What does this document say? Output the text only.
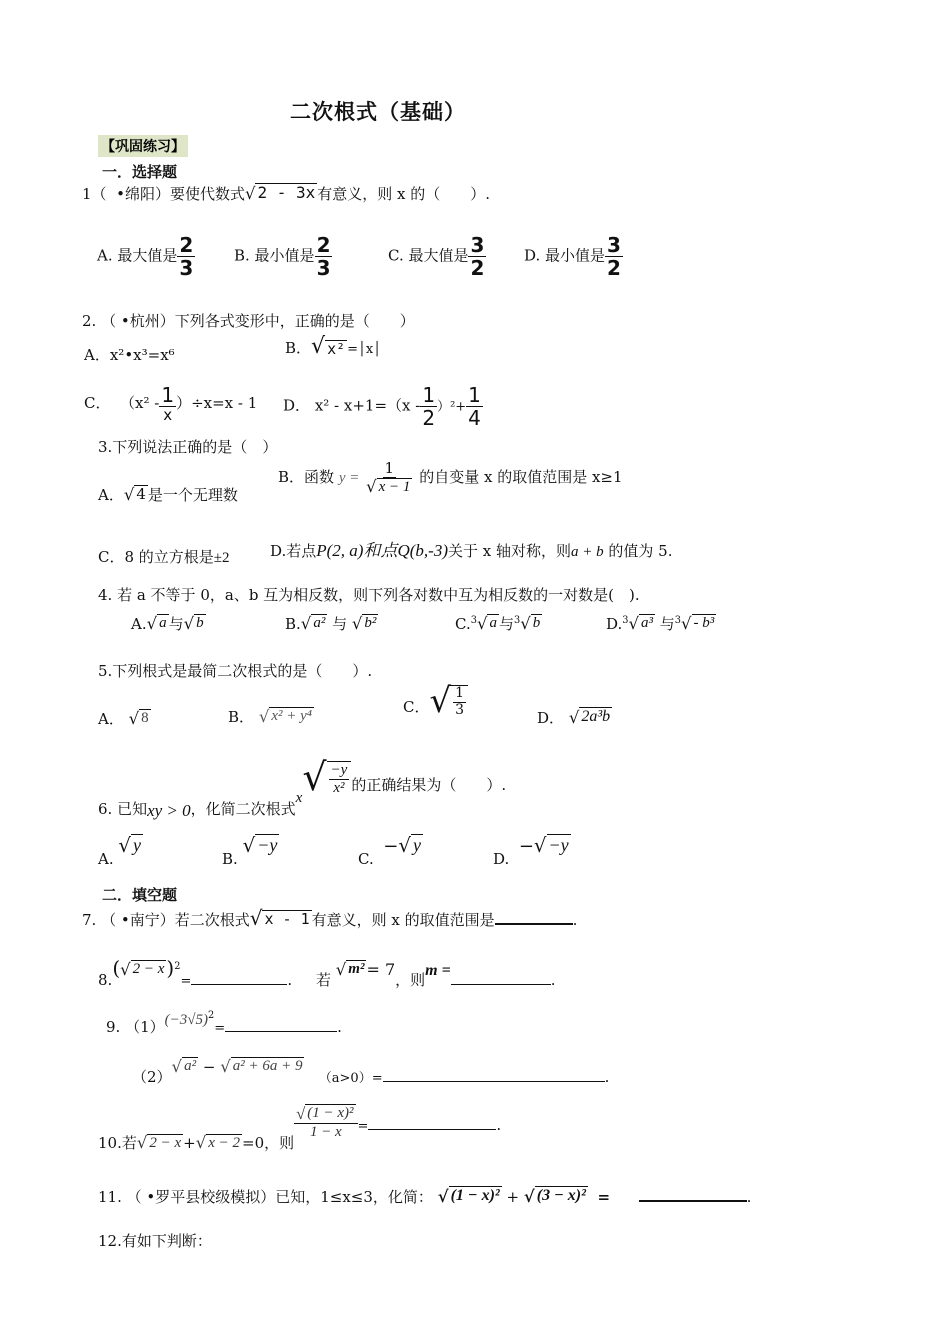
二次根式（基础）
【巩固练习】
一．选择题
1（ •绵阳）要使代数式 √ 2 - 3x 有意义，则 x 的（　　）.
A. 最大值是 $\frac{2}{3}$	B. 最小值是 $\frac{2}{3}$	C. 最大值是 $\frac{3}{2}$	D. 最小值是 $\frac{3}{2}$
2. （ •杭州）下列各式变形中，正确的是（　　）
A．x²•x³=x⁶	B． √ x² =│x│
C． $(x^2 - \frac{1}{x} )\div x=x - 1$ D． $x^2 - x+1=(x - \frac{1}{2} )^2+ \frac{1}{4}$
3.下列说法正确的是（　）
A． √ 4 是一个无理数
B．函数 $y = \frac{1}{√ x - 1}$ 的自变量 x 的取值范围是 x≥1
C．8 的立方根是±2	D.若点P(2, a)和点Q(b,-3)关于 x 轴对称，则a + b 的值为 5.
4. 若 a 不等于 0，a、b 互为相反数，则下列各对数中互为相反数的一对数是(　).
A. √ a 与 √ b	B. √ a² 与 √ b²	C.$^3$ √ a 与$^3$ √ b	D.$^3$ √ a³ 与$^3$ √ - b³
5.下列根式是最简二次根式的是（　　）.
A． √ 8	B． √ x² + y⁴
C． √ $\frac{1}{3}$	D． √ 2a³b
6. 已知xy > 0，化简二次根式x √ $\frac{-y}{\text{x²}}$ 的正确结果为（　　）.
A.
√ y
B.
√ −y
C.  − √ y
D.  − √ −y
二．填空题
7. （ •南宁）若二次根式 √ x - 1 有意义，则 x 的取值范围是	.
8.( √ 2 − x )$^2$=	. 若
√ m² = 7，则m =.
9. $(1)(-3√5)^2=$	.
（2）
√ a² − √ a² + 6a + 9
（a>0）=	.
10.若 √ 2 − x + √ x − 2 =0，则
$\frac{\text{√ (1 − x)²}}{1 - x}$ =	.
11. （ •罗平县校级模拟）已知，1≤x≤3，化简： √ (1 − x)² + √ (3 − x)² =	.
12.有如下判断：
